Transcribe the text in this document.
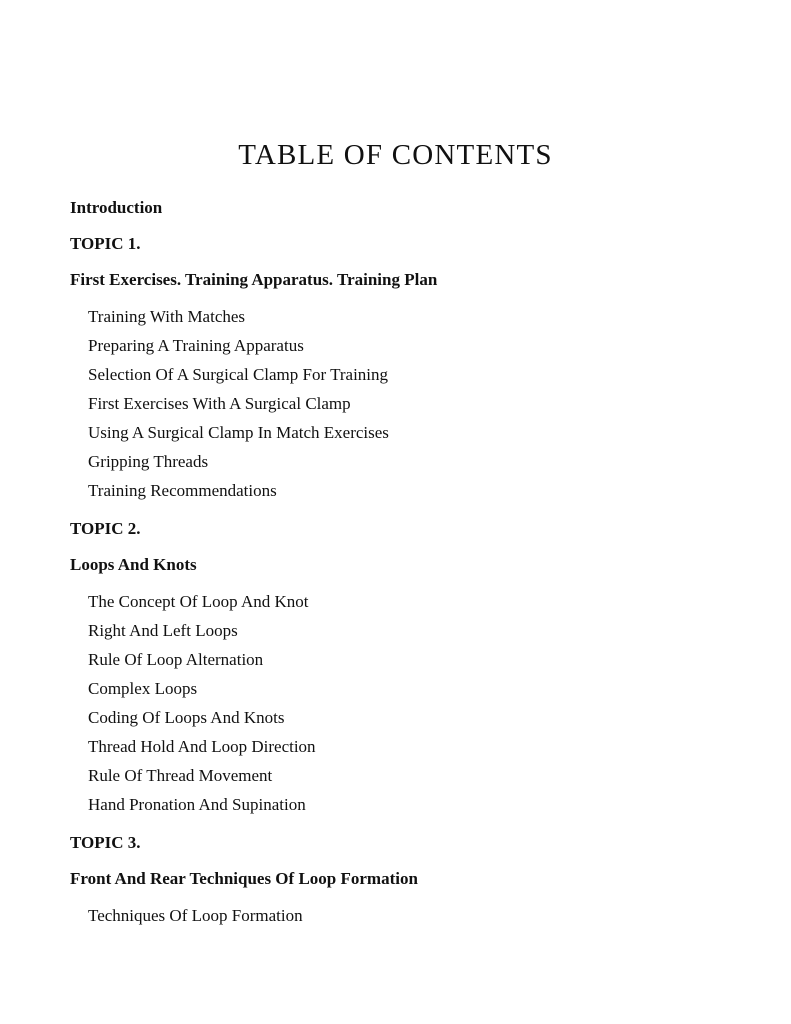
TABLE OF CONTENTS
Introduction
TOPIC 1.
First Exercises. Training Apparatus. Training Plan
Training With Matches
Preparing A Training Apparatus
Selection Of A Surgical Clamp For Training
First Exercises With A Surgical Clamp
Using A Surgical Clamp In Match Exercises
Gripping Threads
Training Recommendations
TOPIC 2.
Loops And Knots
The Concept Of Loop And Knot
Right And Left Loops
Rule Of Loop Alternation
Complex Loops
Coding Of Loops And Knots
Thread Hold And Loop Direction
Rule Of Thread Movement
Hand Pronation And Supination
TOPIC 3.
Front And Rear Techniques Of Loop Formation
Techniques Of Loop Formation
